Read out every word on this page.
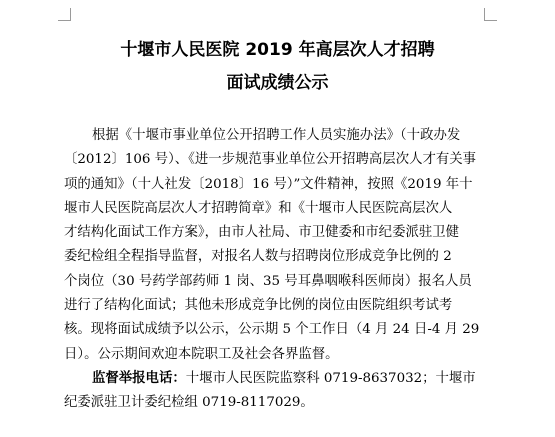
十堰市人民医院 2019 年高层次人才招聘
面试成绩公示
根据《十堰市事业单位公开招聘工作人员实施办法》（十政办发
〔2012〕106 号）、《进一步规范事业单位公开招聘高层次人才有关事
项的通知》（十人社发〔2018〕16 号）”文件精神，按照《2019 年十
堰市人民医院高层次人才招聘简章》和《十堰市人民医院高层次人
才结构化面试工作方案》，由市人社局、市卫健委和市纪委派驻卫健
委纪检组全程指导监督，对报名人数与招聘岗位形成竞争比例的 2
个岗位（30 号药学部药师 1 岗、35 号耳鼻咽喉科医师岗）报名人员
进行了结构化面试；其他未形成竞争比例的岗位由医院组织考试考
核。现将面试成绩予以公示，公示期 5 个工作日（4 月 24 日-4 月 29
日）。公示期间欢迎本院职工及社会各界监督。
监督举报电话：十堰市人民医院监察科 0719-8637032；十堰市
纪委派驻卫计委纪检组 0719-8117029。
